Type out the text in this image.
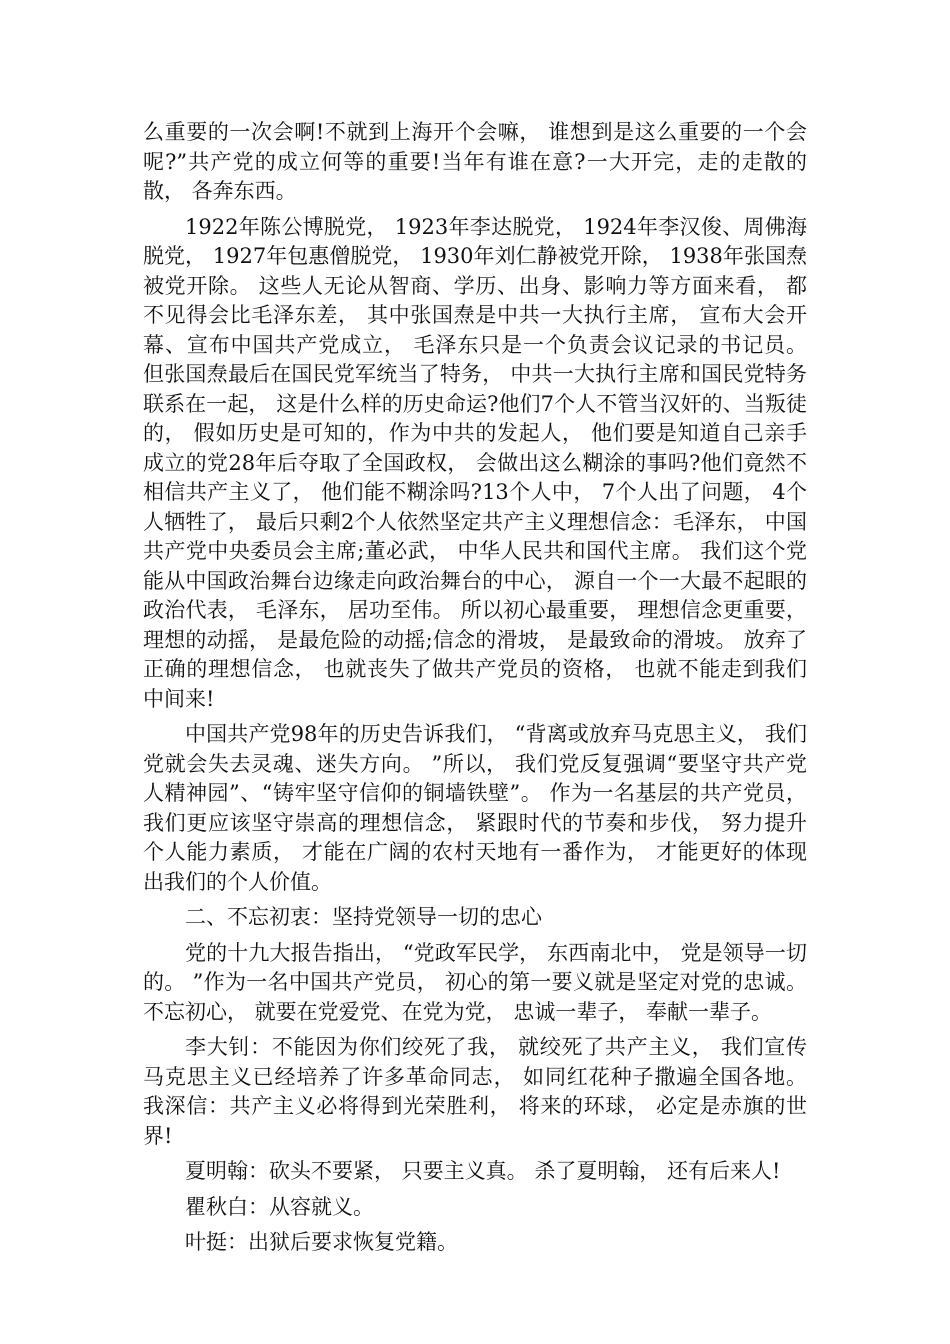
么重要的一次会啊!不就到上海开个会嘛， 谁想到是这么重要的一个会呢?”共产党的成立何等的重要!当年有谁在意?一大开完，走的走散的散， 各奔东西。

1922年陈公博脱党， 1923年李达脱党， 1924年李汉俊、周佛海脱党， 1927年包惠僧脱党， 1930年刘仁静被党开除， 1938年张国焘被党开除。 这些人无论从智商、学历、出身、影响力等方面来看， 都不见得会比毛泽东差， 其中张国焘是中共一大执行主席， 宣布大会开幕、宣布中国共产党成立， 毛泽东只是一个负责会议记录的书记员。 但张国焘最后在国民党军统当了特务， 中共一大执行主席和国民党特务联系在一起， 这是什么样的历史命运?他们7个人不管当汉奸的、当叛徒的， 假如历史是可知的，作为中共的发起人， 他们要是知道自己亲手成立的党28年后夺取了全国政权， 会做出这么糊涂的事吗?他们竟然不相信共产主义了， 他们能不糊涂吗?13个人中， 7个人出了问题， 4个人牺牲了， 最后只剩2个人依然坚定共产主义理想信念：毛泽东， 中国共产党中央委员会主席;董必武， 中华人民共和国代主席。 我们这个党能从中国政治舞台边缘走向政治舞台的中心， 源自一个一大最不起眼的政治代表， 毛泽东， 居功至伟。 所以初心最重要， 理想信念更重要， 理想的动摇， 是最危险的动摇;信念的滑坡， 是最致命的滑坡。 放弃了正确的理想信念， 也就丧失了做共产党员的资格， 也就不能走到我们中间来!

中国共产党98年的历史告诉我们， “背离或放弃马克思主义， 我们党就会失去灵魂、迷失方向。 ”所以， 我们党反复强调“要坚守共产党人精神园”、“铸牢坚守信仰的铜墙铁壁”。 作为一名基层的共产党员， 我们更应该坚守崇高的理想信念， 紧跟时代的节奏和步伐， 努力提升个人能力素质， 才能在广阔的农村天地有一番作为， 才能更好的体现出我们的个人价值。

二、不忘初衷：坚持党领导一切的忠心

党的十九大报告指出， “党政军民学， 东西南北中， 党是领导一切的。 ”作为一名中国共产党员， 初心的第一要义就是坚定对党的忠诚。不忘初心， 就要在党爱党、在党为党， 忠诚一辈子， 奉献一辈子。

李大钊：不能因为你们绞死了我， 就绞死了共产主义， 我们宣传马克思主义已经培养了许多革命同志， 如同红花种子撒遍全国各地。 我深信：共产主义必将得到光荣胜利， 将来的环球， 必定是赤旗的世界!

夏明翰：砍头不要紧， 只要主义真。 杀了夏明翰， 还有后来人!

瞿秋白：从容就义。

叶挺：出狱后要求恢复党籍。
